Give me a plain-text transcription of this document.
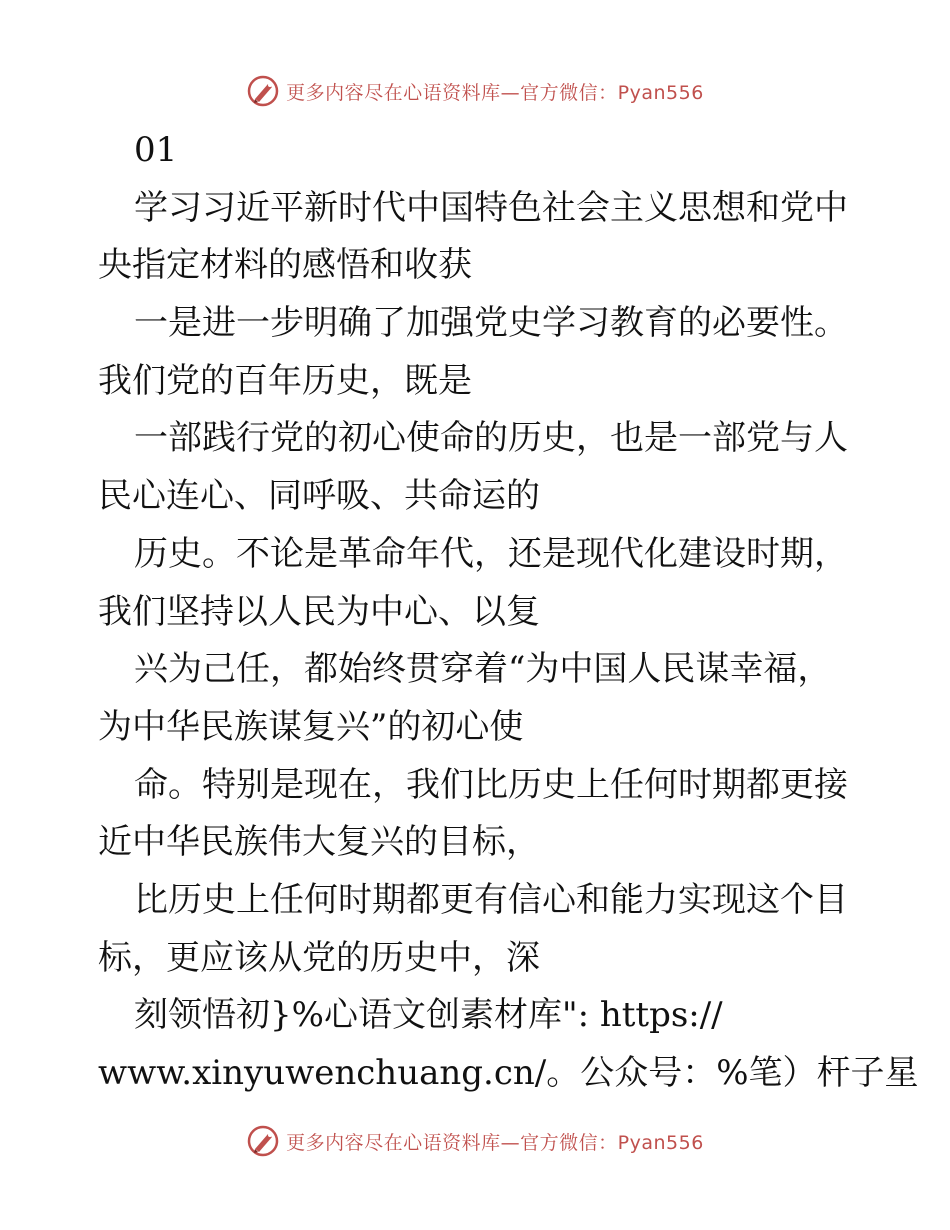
更多内容尽在心语资料库—官方微信：Pyan556
01
学习习近平新时代中国特色社会主义思想和党中
央指定材料的感悟和收获
一是进一步明确了加强党史学习教育的必要性。
我们党的百年历史，既是
一部践行党的初心使命的历史，也是一部党与人
民心连心、同呼吸、共命运的
历史。不论是革命年代，还是现代化建设时期，
我们坚持以人民为中心、以复
兴为己任，都始终贯穿着“为中国人民谋幸福，
为中华民族谋复兴”的初心使
命。特别是现在，我们比历史上任何时期都更接
近中华民族伟大复兴的目标，
比历史上任何时期都更有信心和能力实现这个目
标，更应该从党的历史中，深
刻领悟初}%心语文创素材库": https://
www.xinyuwenchuang.cn/。公众号：%笔）杆子星
更多内容尽在心语资料库—官方微信：Pyan556
